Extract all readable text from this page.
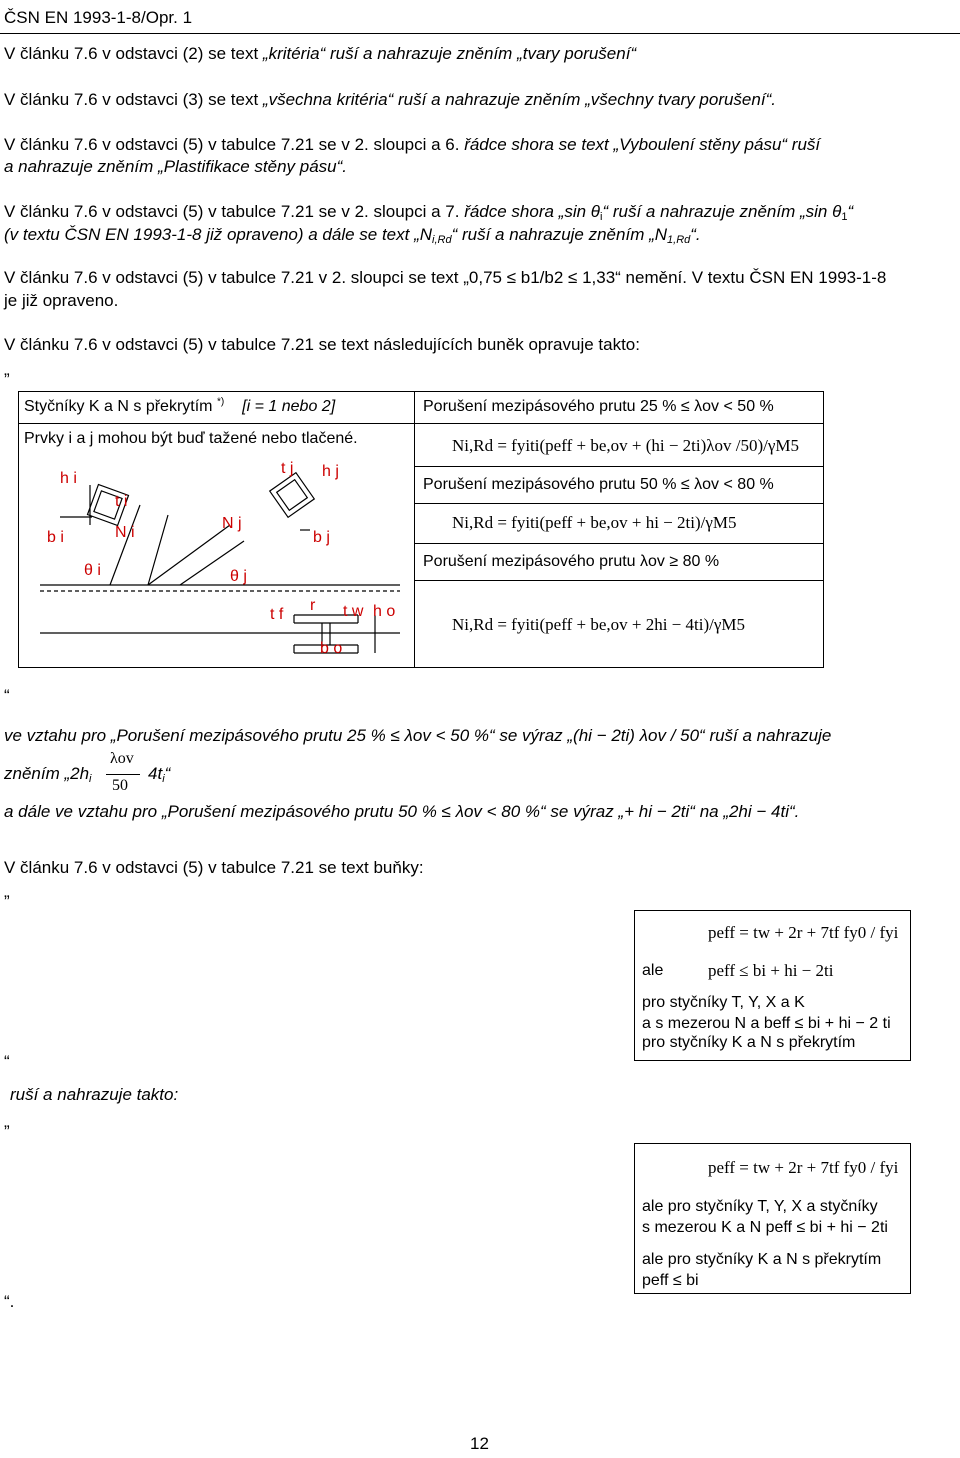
ČSN EN 1993-1-8/Opr. 1
V článku 7.6 v odstavci (2) se text „kritéria“ ruší a nahrazuje zněním „tvary porušení“
V článku 7.6 v odstavci (3) se text „všechna kritéria“ ruší a nahrazuje zněním „všechny tvary porušení“.
V článku 7.6 v odstavci (5) v tabulce 7.21 se v 2. sloupci a 6. řádce shora se text „Vyboulení stěny pásu“ ruší
a nahrazuje zněním „Plastifikace stěny pásu“.
V článku 7.6 v odstavci (5) v tabulce 7.21 se v 2. sloupci a 7. řádce shora „sin $\theta_i“$ ruší a nahrazuje zněním „sin $\theta_1“$
(v textu ČSN EN 1993-1-8 již opraveno) a dále se text $„N_{i,Rd}“$ ruší a nahrazuje zněním $„N_{1,Rd}“$.
V článku 7.6 v odstavci (5) v tabulce 7.21 v 2. sloupci se text „0,75 ≤ b1/b2 ≤ 1,33“ nemění. V textu ČSN EN 1993-1-8
je již opraveno.
V článku 7.6 v odstavci (5) v tabulce 7.21 se text následujících buněk opravuje takto:
„
Styčníky K a N s překrytím *) [i = 1 nebo 2]
Prvky i a j mohou být buď tažené nebo tlačené.
Porušení mezipásového prutu 25 % ≤ λov < 50 %
Ni,Rd = fyiti(peff + be,ov + (hi − 2ti)λov /50)/γM5
Porušení mezipásového prutu 50 % ≤ λov < 80 %
Ni,Rd = fyiti(peff + be,ov + hi − 2ti)/γM5
Porušení mezipásového prutu λov ≥ 80 %
Ni,Rd = fyiti(peff + be,ov + 2hi − 4ti)/γM5
h i
t i
b i	N i
θ i
N j
θ j
t j h j
b j
t f
r t w h o
b o
“
ve vztahu pro „Porušení mezipásového prutu 25 % ≤ λov < 50 %“ se výraz „(hi − 2ti) λov / 50“ ruší a nahrazuje
zněním $„2h_i$
λov
50
$4t_i“$
a dále ve vztahu pro „Porušení mezipásového prutu 50 % ≤ λov < 80 %“ se výraz „+ hi − 2ti“ na „2hi − 4ti“.
V článku 7.6 v odstavci (5) v tabulce 7.21 se text buňky:
„
peff = tw + 2r + 7tf fy0 / fyi
ale	peff ≤ bi + hi − 2ti
pro styčníky T, Y, X a K
a s mezerou N a beff ≤ bi + hi − 2 ti
pro styčníky K a N s překrytím
“
ruší a nahrazuje takto:
„
peff = tw + 2r + 7tf fy0 / fyi
ale pro styčníky T, Y, X a styčníky
s mezerou K a N peff ≤ bi + hi − 2ti
ale pro styčníky K a N s překrytím
peff ≤ bi
“.
12
